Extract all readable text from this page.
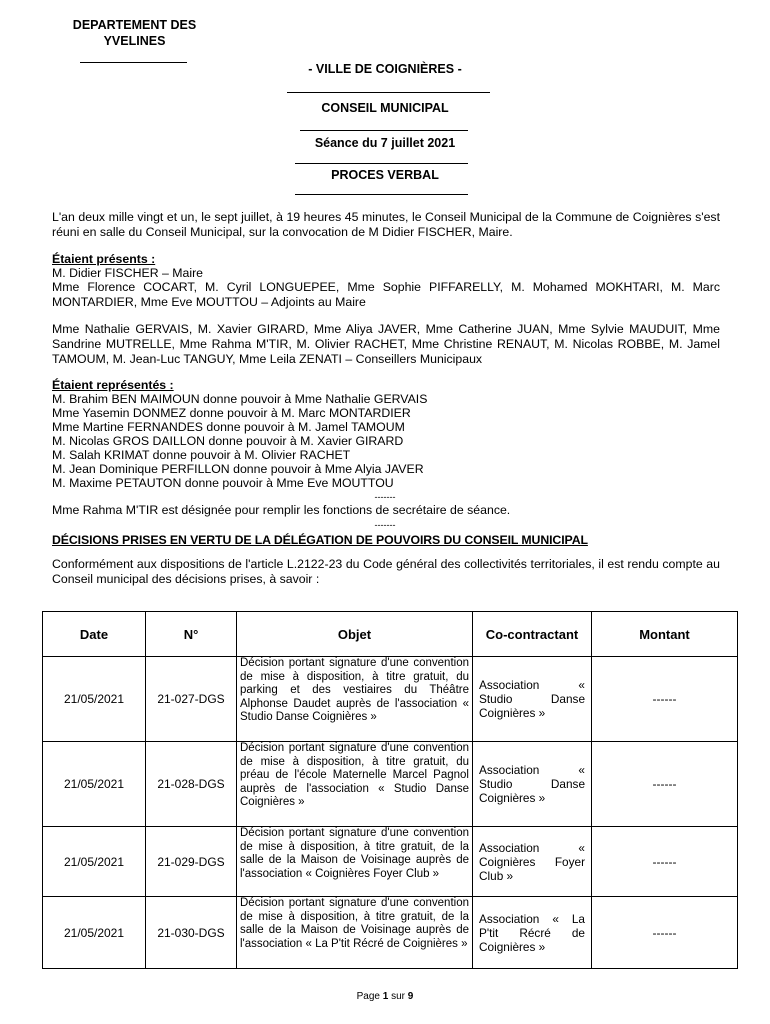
DEPARTEMENT DES
YVELINES
- VILLE DE COIGNIÈRES -
CONSEIL MUNICIPAL
Séance du 7 juillet 2021
PROCES VERBAL
L'an deux mille vingt et un, le sept juillet, à 19 heures 45 minutes, le Conseil Municipal de la Commune de Coignières s'est réuni en salle du Conseil Municipal, sur la convocation de M Didier FISCHER, Maire.
Étaient présents :
M. Didier FISCHER – Maire
Mme Florence COCART, M. Cyril LONGUEPEE, Mme Sophie PIFFARELLY, M. Mohamed MOKHTARI, M. Marc MONTARDIER, Mme Eve MOUTTOU – Adjoints au Maire
Mme Nathalie GERVAIS, M. Xavier GIRARD, Mme Aliya JAVER, Mme Catherine JUAN, Mme Sylvie MAUDUIT, Mme Sandrine MUTRELLE, Mme Rahma M'TIR, M. Olivier RACHET, Mme Christine RENAUT, M. Nicolas ROBBE, M. Jamel TAMOUM, M. Jean-Luc TANGUY, Mme Leila ZENATI – Conseillers Municipaux
Étaient représentés :
M. Brahim BEN MAIMOUN donne pouvoir à Mme Nathalie GERVAIS
Mme Yasemin DONMEZ donne pouvoir à M. Marc MONTARDIER
Mme Martine FERNANDES donne pouvoir à M. Jamel TAMOUM
M. Nicolas GROS DAILLON donne pouvoir à M. Xavier GIRARD
M. Salah KRIMAT donne pouvoir à M. Olivier RACHET
M. Jean Dominique PERFILLON donne pouvoir à Mme Alyia JAVER
M. Maxime PETAUTON donne pouvoir à Mme Eve MOUTTOU
-------
Mme Rahma M'TIR est désignée pour remplir les fonctions de secrétaire de séance.
-------
DÉCISIONS PRISES EN VERTU DE LA DÉLÉGATION DE POUVOIRS DU CONSEIL MUNICIPAL
Conformément aux dispositions de l'article L.2122-23 du Code général des collectivités territoriales, il est rendu compte au Conseil municipal des décisions prises, à savoir :
Date	N°	Objet	Co-contractant	Montant
21/05/2021	21-027-DGS	Décision portant signature d'une convention de mise à disposition, à titre gratuit, du parking et des vestiaires du Théâtre Alphonse Daudet auprès de l'association « Studio Danse Coignières »	Association « Studio Danse Coignières »	------
21/05/2021	21-028-DGS	Décision portant signature d'une convention de mise à disposition, à titre gratuit, du préau de l'école Maternelle Marcel Pagnol auprès de l'association « Studio Danse Coignières »	Association « Studio Danse Coignières »	------
21/05/2021	21-029-DGS	Décision portant signature d'une convention de mise à disposition, à titre gratuit, de la salle de la Maison de Voisinage auprès de l'association « Coignières Foyer Club »	Association « Coignières Foyer Club »	------
21/05/2021	21-030-DGS	Décision portant signature d'une convention de mise à disposition, à titre gratuit, de la salle de la Maison de Voisinage auprès de l'association « La P'tit Récré de Coignières »	Association « La P'tit Récré de Coignières »	------
Page 1 sur 9
